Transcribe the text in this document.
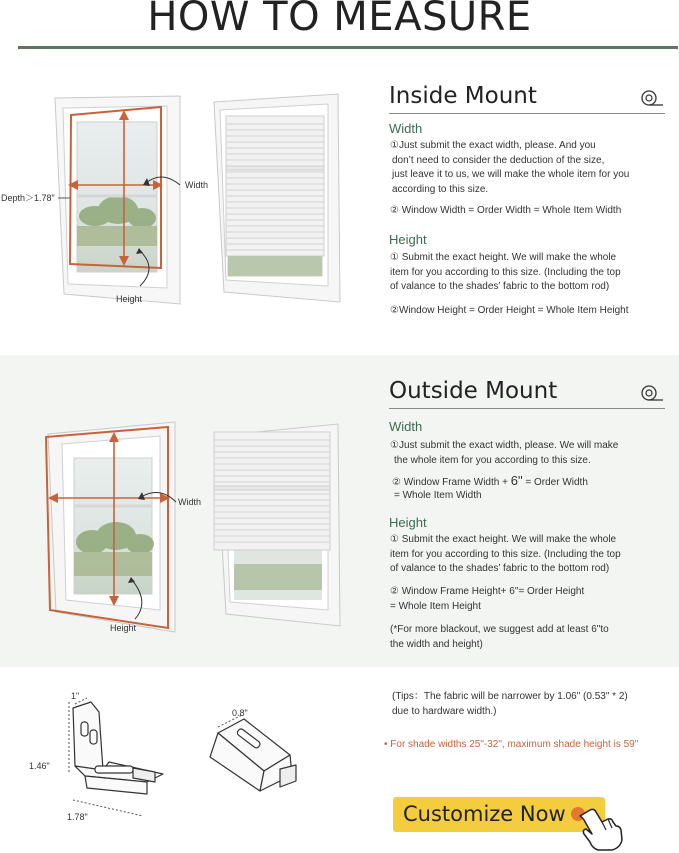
HOW TO MEASURE
Depth＞1.78"
Width
Height
Inside Mount
Width
①Just submit the exact width, please. And you
don’t need to consider the deduction of the size,
just leave it to us, we will make the whole item for you
according to this size.
② Window Width = Order Width = Whole Item Width
Height
① Submit the exact height. We will make the whole
item for you according to this size. (Including the top
of valance to the shades’ fabric to the bottom rod)
②Window Height = Order Height = Whole Item Height
Width
Height
Outside Mount
Width
①Just submit the exact width, please. We will make
the whole item for you according to this size.
② Window Frame Width + 6" = Order Width
= Whole Item Width
Height
① Submit the exact height. We will make the whole
item for you according to this size. (Including the top
of valance to the shades’ fabric to the bottom rod)
② Window Frame Height+ 6"= Order Height
= Whole Item Height
(*For more blackout, we suggest add at least 6"to
the width and height)
1"
1.46"
1.78"
0.8"
(Tips：The fabric will be narrower by 1.06" (0.53" * 2)
due to hardware width.)
• For shade widths 25"-32", maximum shade height is 59"
Customize Now
